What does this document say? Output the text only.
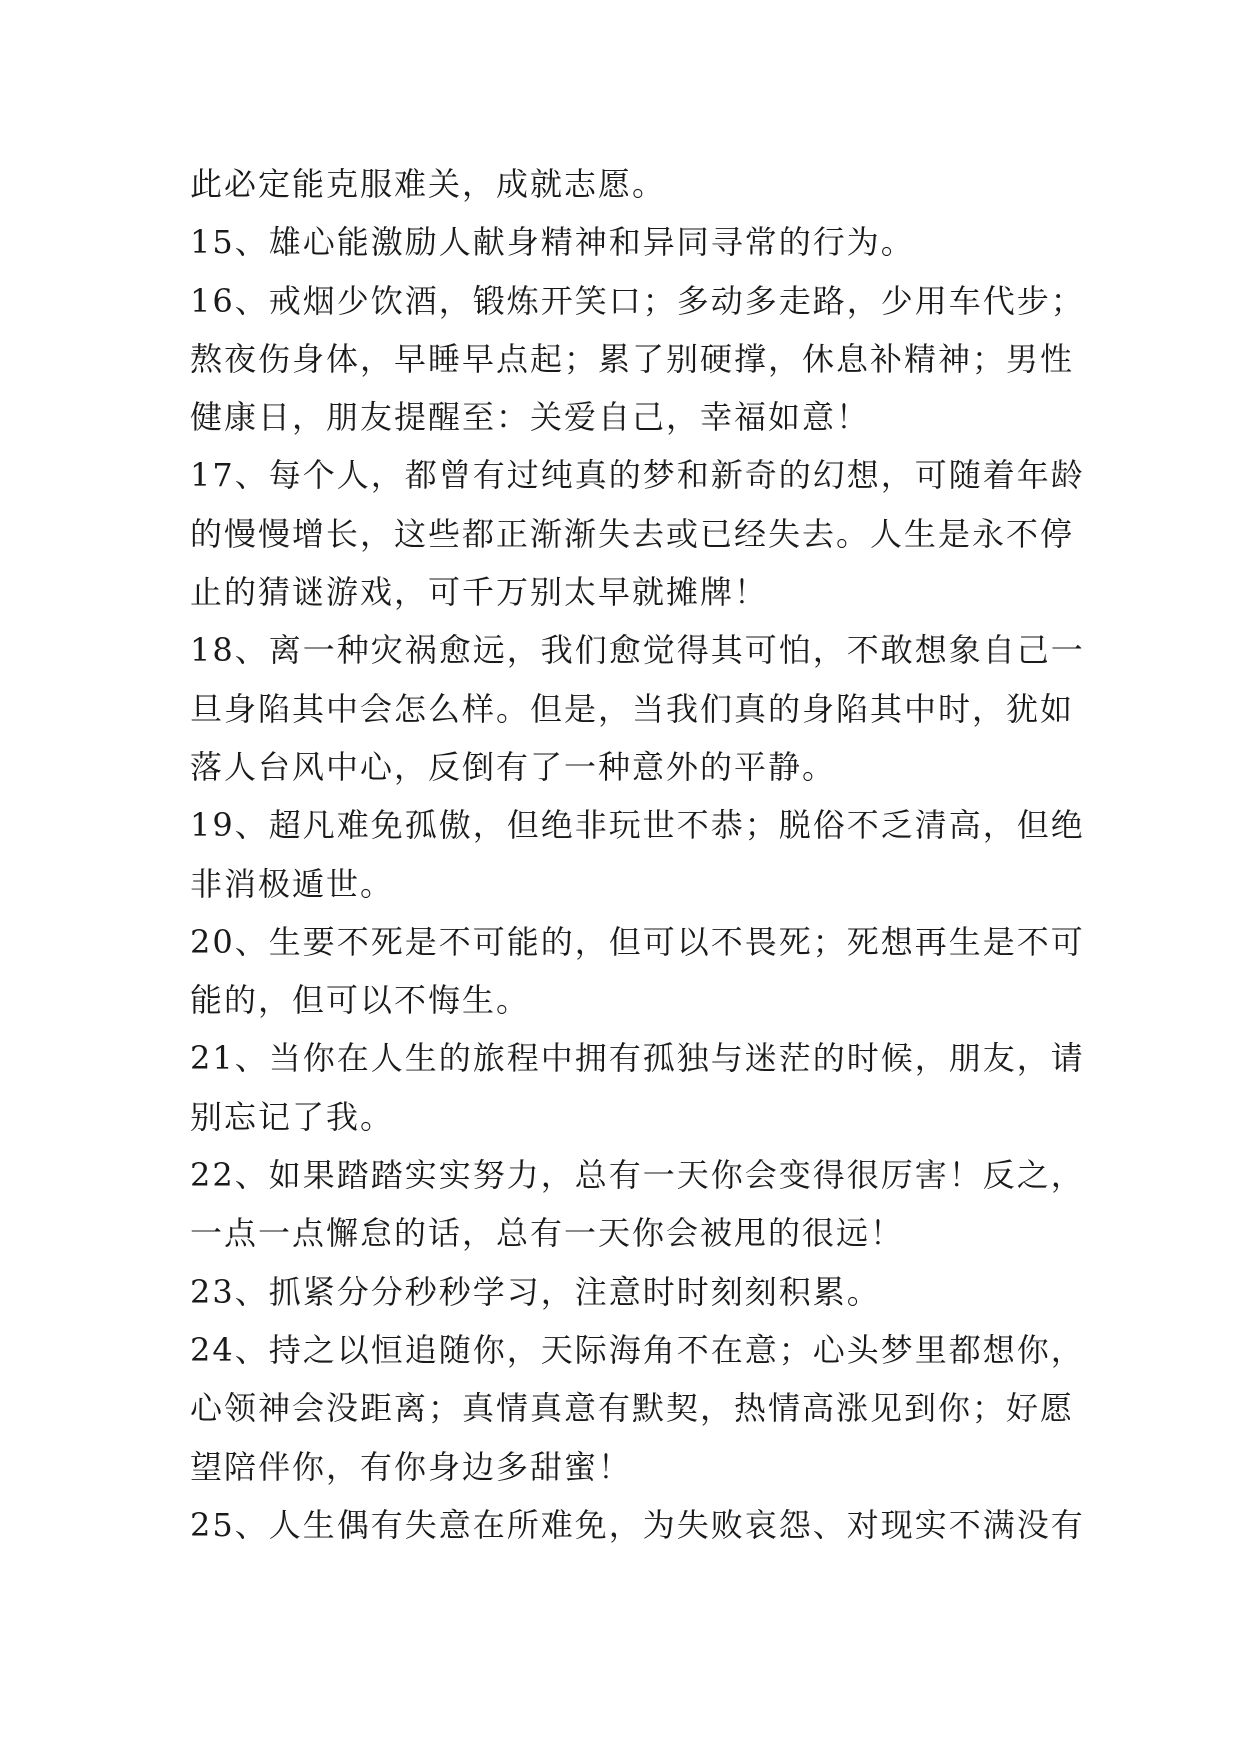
此必定能克服难关，成就志愿。
15、雄心能激励人献身精神和异同寻常的行为。
16、戒烟少饮酒，锻炼开笑口；多动多走路，少用车代步；
熬夜伤身体，早睡早点起；累了别硬撑，休息补精神；男性
健康日，朋友提醒至：关爱自己，幸福如意！
17、每个人，都曾有过纯真的梦和新奇的幻想，可随着年龄
的慢慢增长，这些都正渐渐失去或已经失去。人生是永不停
止的猜谜游戏，可千万别太早就摊牌！
18、离一种灾祸愈远，我们愈觉得其可怕，不敢想象自己一
旦身陷其中会怎么样。但是，当我们真的身陷其中时，犹如
落人台风中心，反倒有了一种意外的平静。
19、超凡难免孤傲，但绝非玩世不恭；脱俗不乏清高，但绝
非消极遁世。
20、生要不死是不可能的，但可以不畏死；死想再生是不可
能的，但可以不悔生。
21、当你在人生的旅程中拥有孤独与迷茫的时候，朋友，请
别忘记了我。
22、如果踏踏实实努力，总有一天你会变得很厉害！反之，
一点一点懈怠的话，总有一天你会被甩的很远！
23、抓紧分分秒秒学习，注意时时刻刻积累。
24、持之以恒追随你，天际海角不在意；心头梦里都想你，
心领神会没距离；真情真意有默契，热情高涨见到你；好愿
望陪伴你，有你身边多甜蜜！
25、人生偶有失意在所难免，为失败哀怨、对现实不满没有
